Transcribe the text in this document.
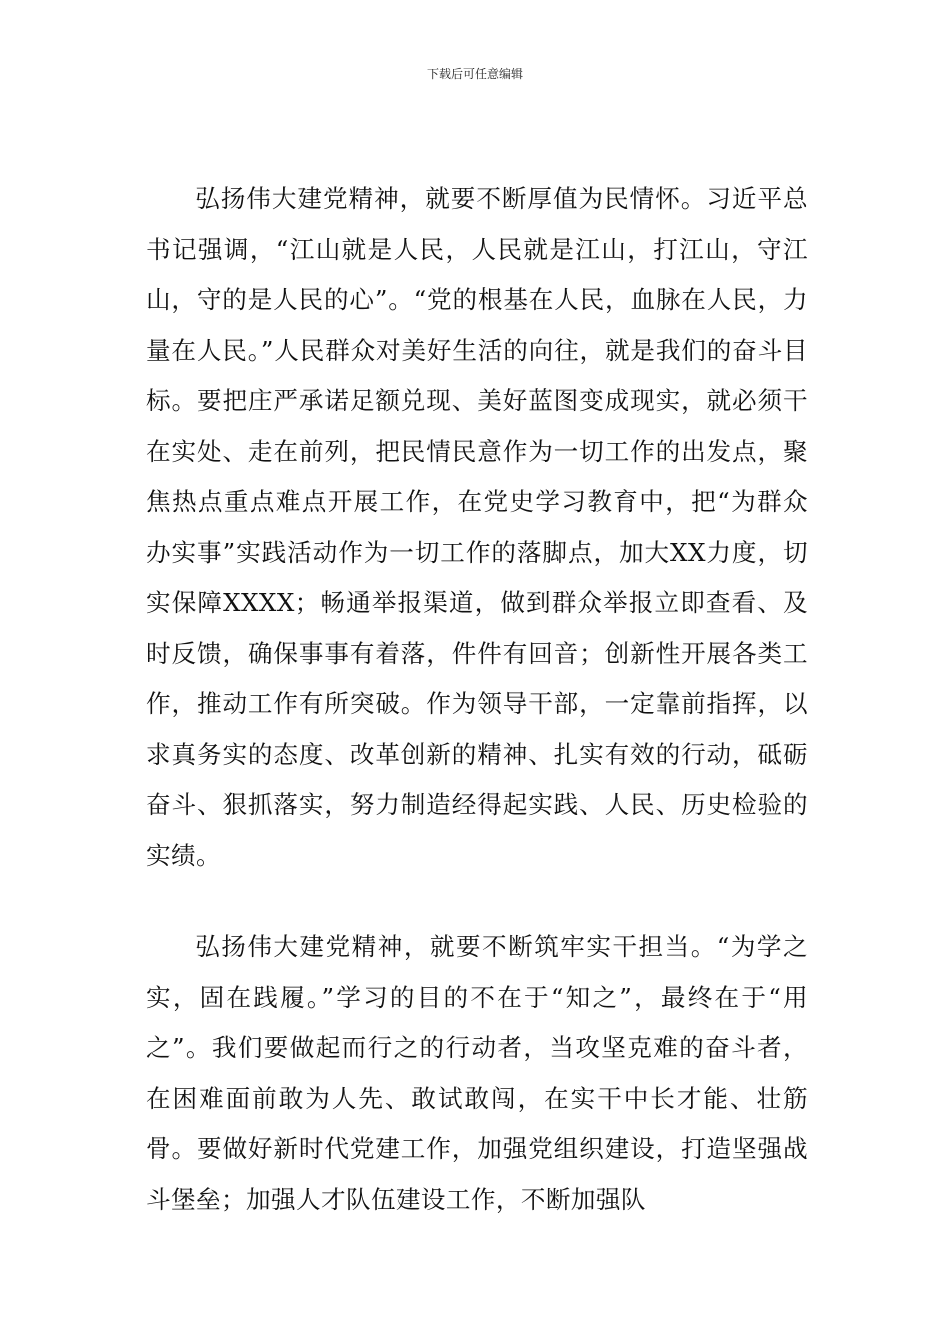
下载后可任意编辑

弘扬伟大建党精神，就要不断厚值为民情怀。习近平总书记强调，“江山就是人民，人民就是江山，打江山，守江山，守的是人民的心”。“党的根基在人民，血脉在人民，力量在人民。”人民群众对美好生活的向往，就是我们的奋斗目标。要把庄严承诺足额兑现、美好蓝图变成现实，就必须干在实处、走在前列，把民情民意作为一切工作的出发点，聚焦热点重点难点开展工作，在党史学习教育中，把“为群众办实事”实践活动作为一切工作的落脚点，加大XX力度，切实保障XXXX；畅通举报渠道，做到群众举报立即查看、及时反馈，确保事事有着落，件件有回音；创新性开展各类工作，推动工作有所突破。作为领导干部，一定靠前指挥，以求真务实的态度、改革创新的精神、扎实有效的行动，砥砺奋斗、狠抓落实，努力制造经得起实践、人民、历史检验的实绩。

弘扬伟大建党精神，就要不断筑牢实干担当。“为学之实，固在践履。”学习的目的不在于“知之”，最终在于“用之”。我们要做起而行之的行动者，当攻坚克难的奋斗者，在困难面前敢为人先、敢试敢闯，在实干中长才能、壮筋骨。要做好新时代党建工作，加强党组织建设，打造坚强战斗堡垒；加强人才队伍建设工作，不断加强队
